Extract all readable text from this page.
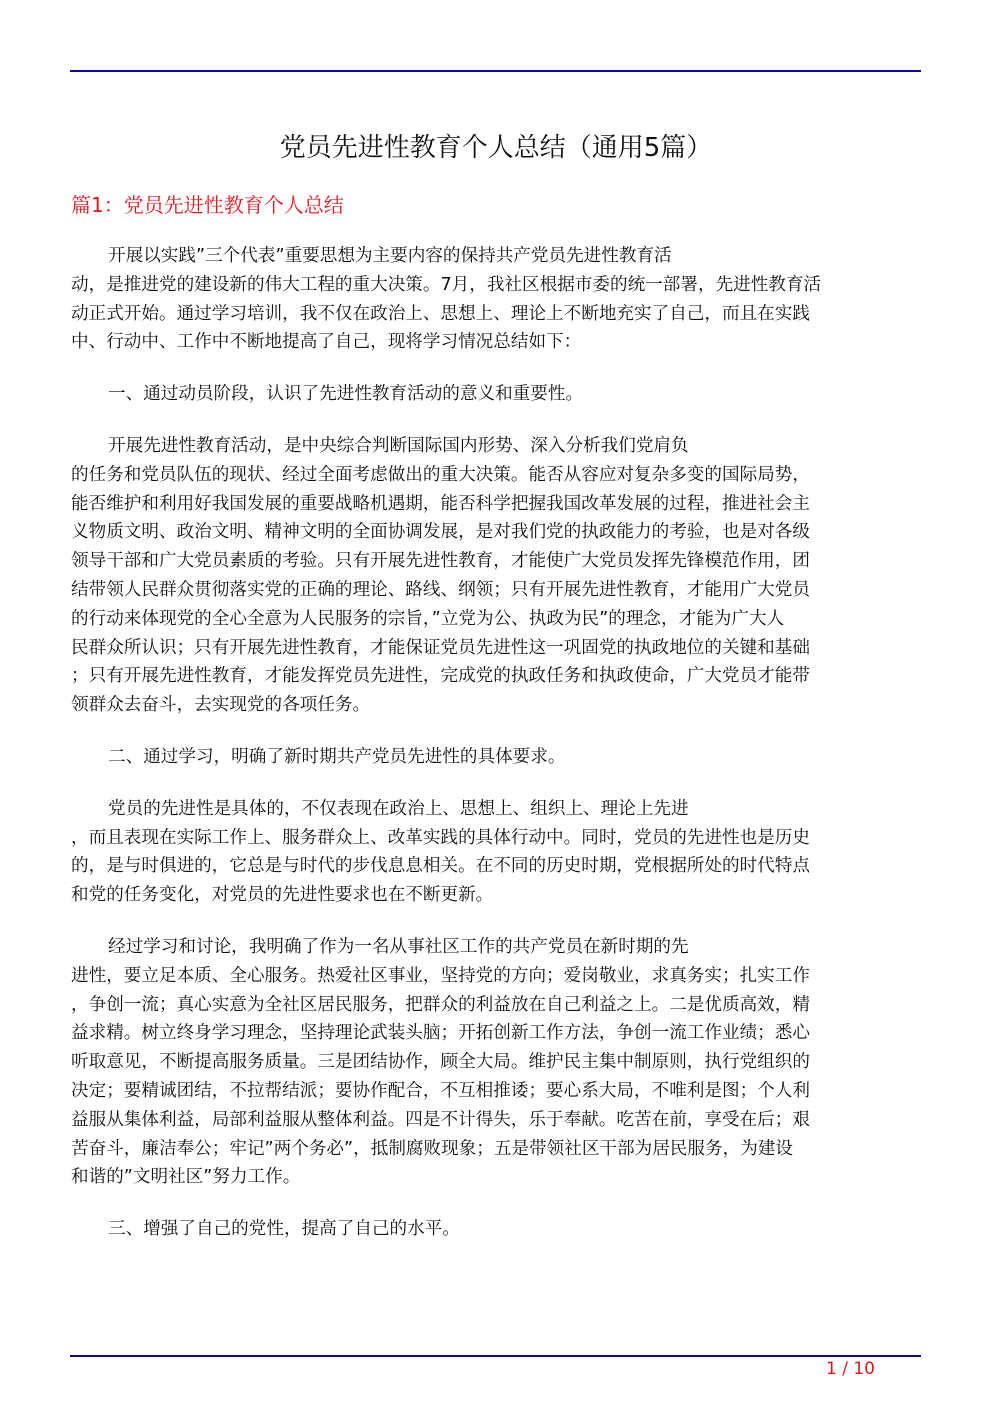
党员先进性教育个人总结（通用5篇）
篇1：党员先进性教育个人总结
开展以实践”三个代表”重要思想为主要内容的保持共产党员先进性教育活
动，是推进党的建设新的伟大工程的重大决策。7月，我社区根据市委的统一部署，先进性教育活
动正式开始。通过学习培训，我不仅在政治上、思想上、理论上不断地充实了自己，而且在实践
中、行动中、工作中不断地提高了自己，现将学习情况总结如下：
一、通过动员阶段，认识了先进性教育活动的意义和重要性。
开展先进性教育活动，是中央综合判断国际国内形势、深入分析我们党肩负
的任务和党员队伍的现状、经过全面考虑做出的重大决策。能否从容应对复杂多变的国际局势，
能否维护和利用好我国发展的重要战略机遇期，能否科学把握我国改革发展的过程，推进社会主
义物质文明、政治文明、精神文明的全面协调发展，是对我们党的执政能力的考验，也是对各级
领导干部和广大党员素质的考验。只有开展先进性教育，才能使广大党员发挥先锋模范作用，团
结带领人民群众贯彻落实党的正确的理论、路线、纲领；只有开展先进性教育，才能用广大党员
的行动来体现党的全心全意为人民服务的宗旨，”立党为公、执政为民”的理念，才能为广大人
民群众所认识；只有开展先进性教育，才能保证党员先进性这一巩固党的执政地位的关键和基础
；只有开展先进性教育，才能发挥党员先进性，完成党的执政任务和执政使命，广大党员才能带
领群众去奋斗，去实现党的各项任务。
二、通过学习，明确了新时期共产党员先进性的具体要求。
党员的先进性是具体的，不仅表现在政治上、思想上、组织上、理论上先进
，而且表现在实际工作上、服务群众上、改革实践的具体行动中。同时，党员的先进性也是历史
的，是与时俱进的，它总是与时代的步伐息息相关。在不同的历史时期，党根据所处的时代特点
和党的任务变化，对党员的先进性要求也在不断更新。
经过学习和讨论，我明确了作为一名从事社区工作的共产党员在新时期的先
进性，要立足本质、全心服务。热爱社区事业，坚持党的方向；爱岗敬业，求真务实；扎实工作
，争创一流；真心实意为全社区居民服务，把群众的利益放在自己利益之上。二是优质高效，精
益求精。树立终身学习理念，坚持理论武装头脑；开拓创新工作方法，争创一流工作业绩；悉心
听取意见，不断提高服务质量。三是团结协作，顾全大局。维护民主集中制原则，执行党组织的
决定；要精诚团结，不拉帮结派；要协作配合，不互相推诿；要心系大局，不唯利是图；个人利
益服从集体利益，局部利益服从整体利益。四是不计得失，乐于奉献。吃苦在前，享受在后；艰
苦奋斗，廉洁奉公；牢记”两个务必”，抵制腐败现象；五是带领社区干部为居民服务，为建设
和谐的”文明社区”努力工作。
三、增强了自己的党性，提高了自己的水平。
1 / 10
